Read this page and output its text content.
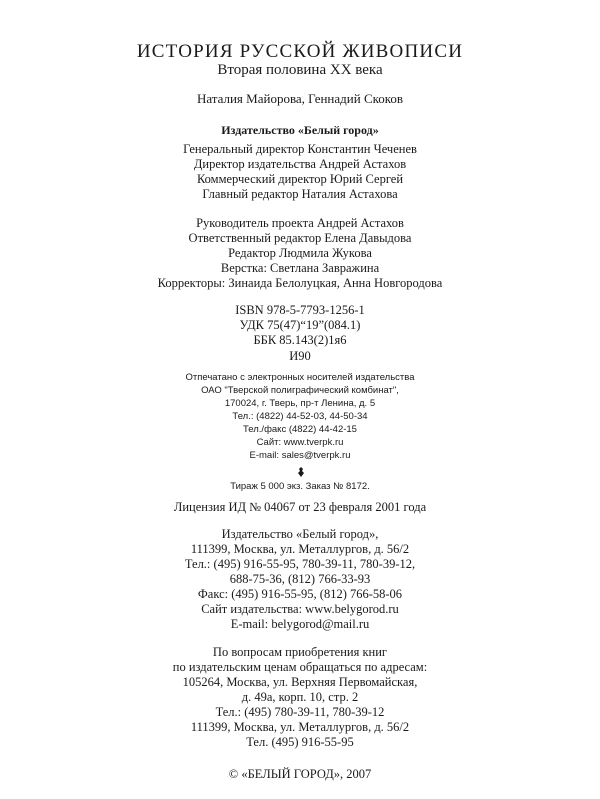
ИСТОРИЯ РУССКОЙ ЖИВОПИСИ
Вторая половина XX века
Наталия Майорова, Геннадий Скоков
Издательство «Белый город»
Генеральный директор Константин Чеченев
Директор издательства Андрей Астахов
Коммерческий директор Юрий Сергей
Главный редактор Наталия Астахова
Руководитель проекта Андрей Астахов
Ответственный редактор Елена Давыдова
Редактор Людмила Жукова
Верстка: Светлана Завражина
Корректоры: Зинаида Белолуцкая, Анна Новгородова
ISBN 978-5-7793-1256-1
УДК 75(47)“19”(084.1)
ББК 85.143(2)1я6
И90
Отпечатано с электронных носителей издательства
ОАО "Тверской полиграфический комбинат",
170024, г. Тверь, пр-т Ленина, д. 5
Тел.: (4822) 44-52-03, 44-50-34
Тел./факс (4822) 44-42-15
Сайт: www.tverpk.ru
E-mail: sales@tverpk.ru
Тираж 5 000 экз. Заказ № 8172.
Лицензия ИД № 04067 от 23 февраля 2001 года
Издательство «Белый город»,
111399, Москва, ул. Металлургов, д. 56/2
Тел.: (495) 916-55-95, 780-39-11, 780-39-12,
688-75-36, (812) 766-33-93
Факс: (495) 916-55-95, (812) 766-58-06
Сайт издательства: www.belygorod.ru
E-mail: belygorod@mail.ru
По вопросам приобретения книг
по издательским ценам обращаться по адресам:
105264, Москва, ул. Верхняя Первомайская,
д. 49а, корп. 10, стр. 2
Тел.: (495) 780-39-11, 780-39-12
111399, Москва, ул. Металлургов, д. 56/2
Тел. (495) 916-55-95
© «БЕЛЫЙ ГОРОД», 2007
